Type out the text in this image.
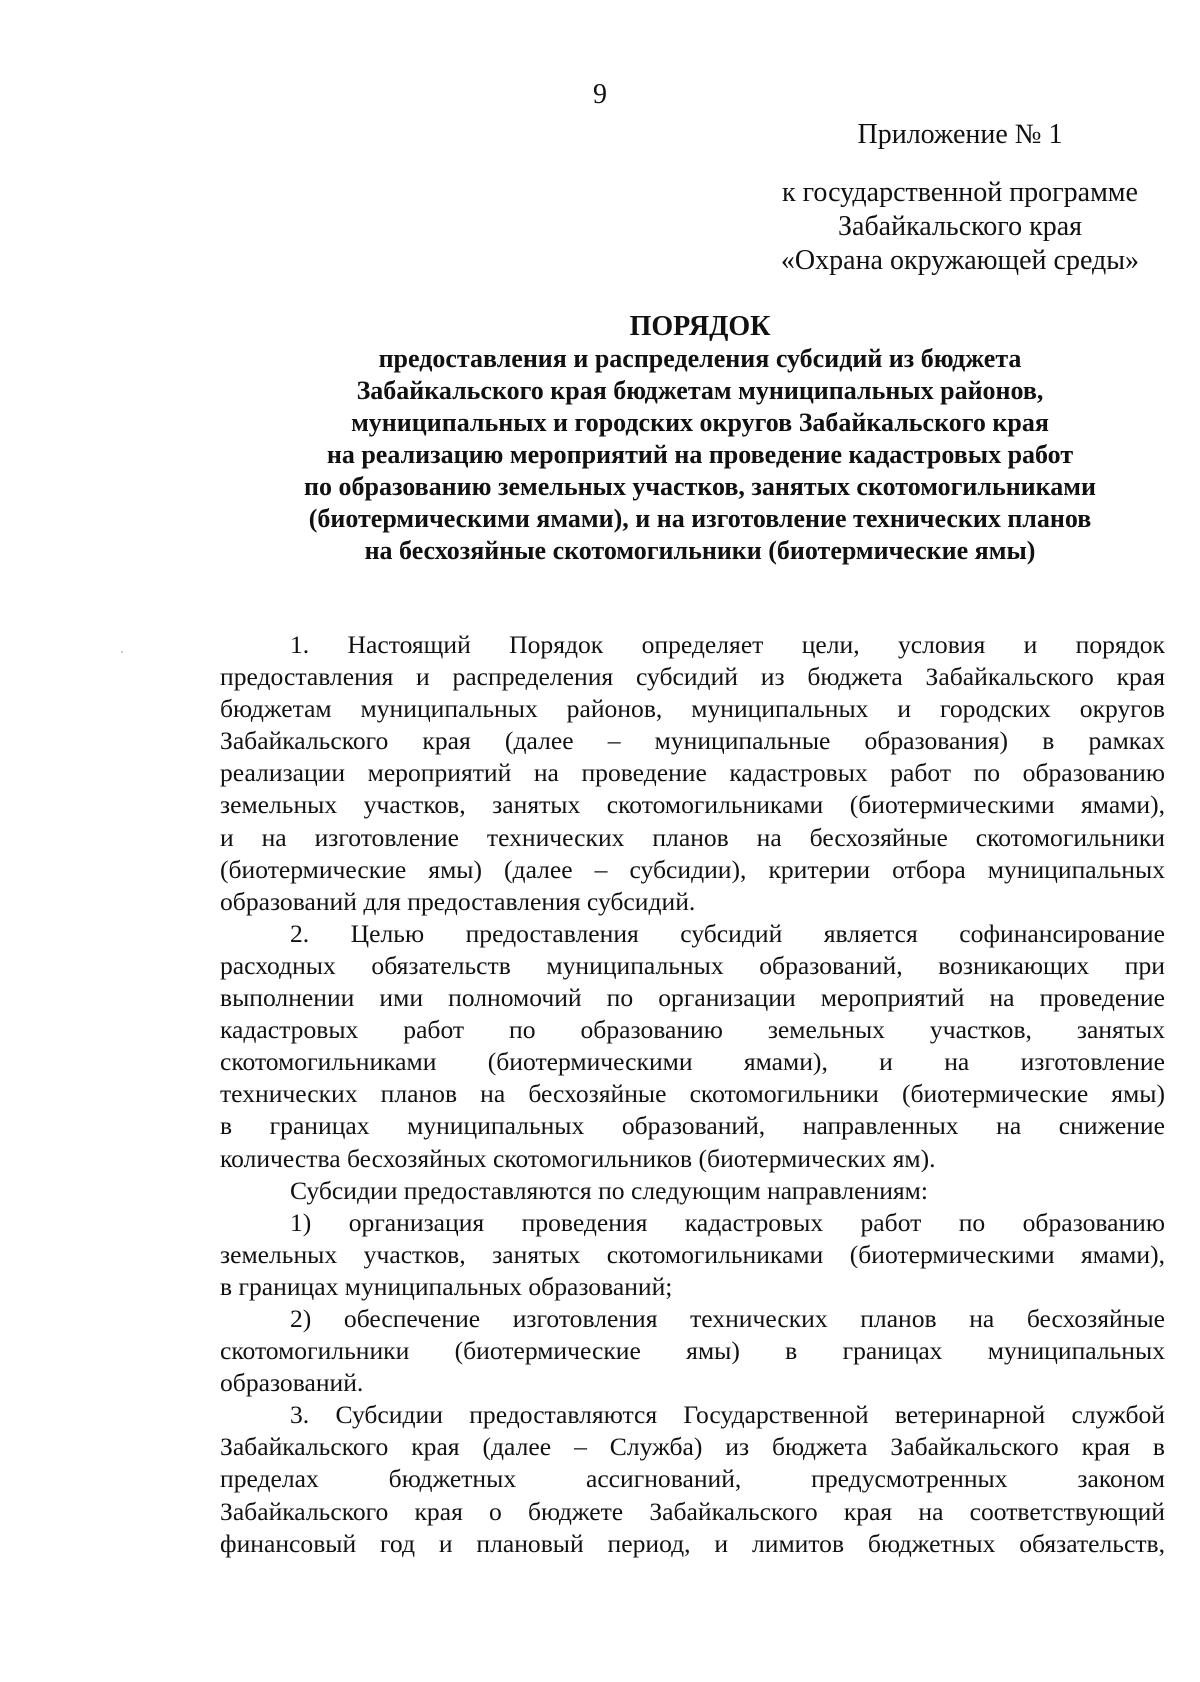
9
Приложение № 1
к государственной программе
Забайкальского края
«Охрана окружающей среды»
ПОРЯДОК
предоставления и распределения субсидий из бюджета
Забайкальского края бюджетам муниципальных районов,
муниципальных и городских округов Забайкальского края
на реализацию мероприятий на проведение кадастровых работ
по образованию земельных участков, занятых скотомогильниками
(биотермическими ямами), и на изготовление технических планов
на бесхозяйные скотомогильники (биотермические ямы)
1. Настоящий Порядок определяет цели, условия и порядок
предоставления и распределения субсидий из бюджета Забайкальского края
бюджетам муниципальных районов, муниципальных и городских округов
Забайкальского края (далее – муниципальные образования) в рамках
реализации мероприятий на проведение кадастровых работ по образованию
земельных участков, занятых скотомогильниками (биотермическими ямами),
и на изготовление технических планов на бесхозяйные скотомогильники
(биотермические ямы) (далее – субсидии), критерии отбора муниципальных
образований для предоставления субсидий.
2. Целью предоставления субсидий является софинансирование
расходных обязательств муниципальных образований, возникающих при
выполнении ими полномочий по организации мероприятий на проведение
кадастровых работ по образованию земельных участков, занятых
скотомогильниками (биотермическими ямами), и на изготовление
технических планов на бесхозяйные скотомогильники (биотермические ямы)
в границах муниципальных образований, направленных на снижение
количества бесхозяйных скотомогильников (биотермических ям).
Субсидии предоставляются по следующим направлениям:
1) организация проведения кадастровых работ по образованию
земельных участков, занятых скотомогильниками (биотермическими ямами),
в границах муниципальных образований;
2) обеспечение изготовления технических планов на бесхозяйные
скотомогильники (биотермические ямы) в границах муниципальных
образований.
3. Субсидии предоставляются Государственной ветеринарной службой
Забайкальского края (далее – Служба) из бюджета Забайкальского края в
пределах бюджетных ассигнований, предусмотренных законом
Забайкальского края о бюджете Забайкальского края на соответствующий
финансовый год и плановый период, и лимитов бюджетных обязательств,
